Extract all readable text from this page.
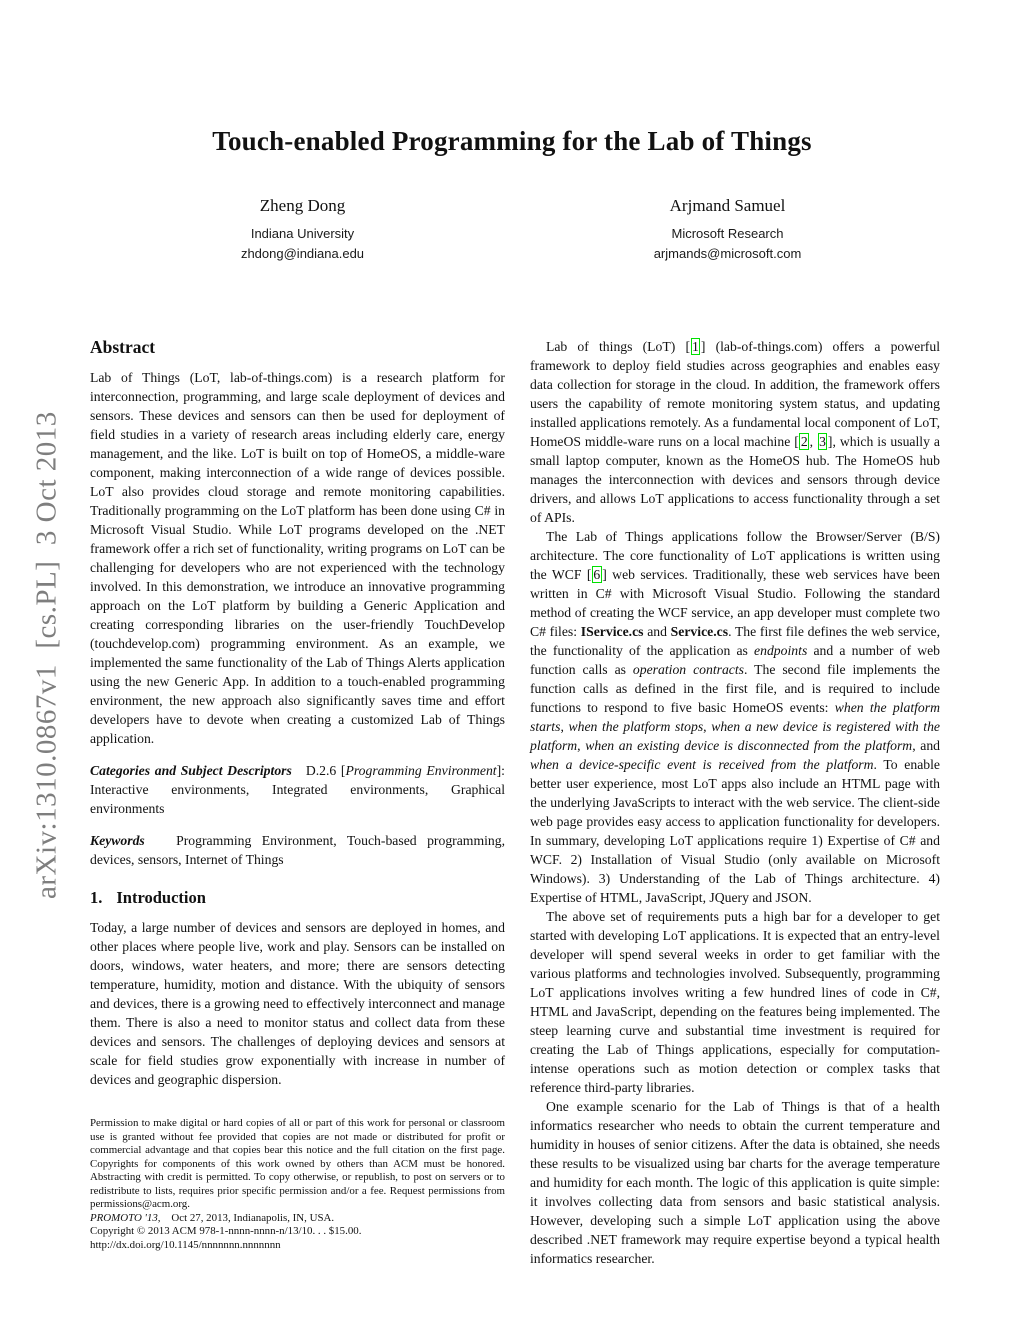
arXiv:1310.0867v1  [cs.PL]  3 Oct 2013
Touch-enabled Programming for the Lab of Things
Zheng Dong
Indiana University
zhdong@indiana.edu
Arjmand Samuel
Microsoft Research
arjmands@microsoft.com
Abstract

Lab of Things (LoT, lab-of-things.com) is a research platform for interconnection, programming, and large scale deployment of devices and sensors. These devices and sensors can then be used for deployment of field studies in a variety of research areas including elderly care, energy management, and the like. LoT is built on top of HomeOS, a middle-ware component, making interconnection of a wide range of devices possible. LoT also provides cloud storage and remote monitoring capabilities. Traditionally programming on the LoT platform has been done using C# in Microsoft Visual Studio. While LoT programs developed on the .NET framework offer a rich set of functionality, writing programs on LoT can be challenging for developers who are not experienced with the technology involved. In this demonstration, we introduce an innovative programming approach on the LoT platform by building a Generic Application and creating corresponding libraries on the user-friendly TouchDevelop (touchdevelop.com) programming environment. As an example, we implemented the same functionality of the Lab of Things Alerts application using the new Generic App. In addition to a touch-enabled programming environment, the new approach also significantly saves time and effort developers have to devote when creating a customized Lab of Things application.

Categories and Subject Descriptors   D.2.6 [Programming Environment]: Interactive environments, Integrated environments, Graphical environments

Keywords   Programming Environment, Touch-based programming, devices, sensors, Internet of Things

1. Introduction

Today, a large number of devices and sensors are deployed in homes, and other places where people live, work and play. Sensors can be installed on doors, windows, water heaters, and more; there are sensors detecting temperature, humidity, motion and distance. With the ubiquity of sensors and devices, there is a growing need to effectively interconnect and manage them. There is also a need to monitor status and collect data from these devices and sensors. The challenges of deploying devices and sensors at scale for field studies grow exponentially with increase in number of devices and geographic dispersion.

Permission to make digital or hard copies of all or part of this work for personal or classroom use is granted without fee provided that copies are not made or distributed for profit or commercial advantage and that copies bear this notice and the full citation on the first page. Copyrights for components of this work owned by others than ACM must be honored. Abstracting with credit is permitted. To copy otherwise, or republish, to post on servers or to redistribute to lists, requires prior specific permission and/or a fee. Request permissions from permissions@acm.org.

PROMOTO '13,    Oct 27, 2013, Indianapolis, IN, USA.

Copyright © 2013 ACM 978-1-nnnn-nnnn-n/13/10. . . $15.00.

http://dx.doi.org/10.1145/nnnnnnn.nnnnnnn

Lab of things (LoT) [ 1 ] (lab-of-things.com) offers a powerful framework to deploy field studies across geographies and enables easy data collection for storage in the cloud. In addition, the framework offers users the capability of remote monitoring system status, and updating installed applications remotely. As a fundamental local component of LoT, HomeOS middle-ware runs on a local machine [ 2 , 3 ], which is usually a small laptop computer, known as the HomeOS hub. The HomeOS hub manages the interconnection with devices and sensors through device drivers, and allows LoT applications to access functionality through a set of APIs.

The Lab of Things applications follow the Browser/Server (B/S) architecture. The core functionality of LoT applications is written using the WCF [ 6 ] web services. Traditionally, these web services have been written in C# with Microsoft Visual Studio. Following the standard method of creating the WCF service, an app developer must complete two C# files: IService.cs and Service.cs. The first file defines the web service, the functionality of the application as endpoints and a number of web function calls as operation contracts. The second file implements the function calls as defined in the first file, and is required to include functions to respond to five basic HomeOS events: when the platform starts, when the platform stops, when a new device is registered with the platform, when an existing device is disconnected from the platform, and when a device-specific event is received from the platform. To enable better user experience, most LoT apps also include an HTML page with the underlying JavaScripts to interact with the web service. The client-side web page provides easy access to application functionality for developers. In summary, developing LoT applications require 1) Expertise of C# and WCF. 2) Installation of Visual Studio (only available on Microsoft Windows). 3) Understanding of the Lab of Things architecture. 4) Expertise of HTML, JavaScript, JQuery and JSON.

The above set of requirements puts a high bar for a developer to get started with developing LoT applications. It is expected that an entry-level developer will spend several weeks in order to get familiar with the various platforms and technologies involved. Subsequently, programming LoT applications involves writing a few hundred lines of code in C#, HTML and JavaScript, depending on the features being implemented. The steep learning curve and substantial time investment is required for creating the Lab of Things applications, especially for computation-intense operations such as motion detection or complex tasks that reference third-party libraries.

One example scenario for the Lab of Things is that of a health informatics researcher who needs to obtain the current temperature and humidity in houses of senior citizens. After the data is obtained, she needs these results to be visualized using bar charts for the average temperature and humidity for each month. The logic of this application is quite simple: it involves collecting data from sensors and basic statistical analysis. However, developing such a simple LoT application using the above described .NET framework may require expertise beyond a typical health informatics researcher.
